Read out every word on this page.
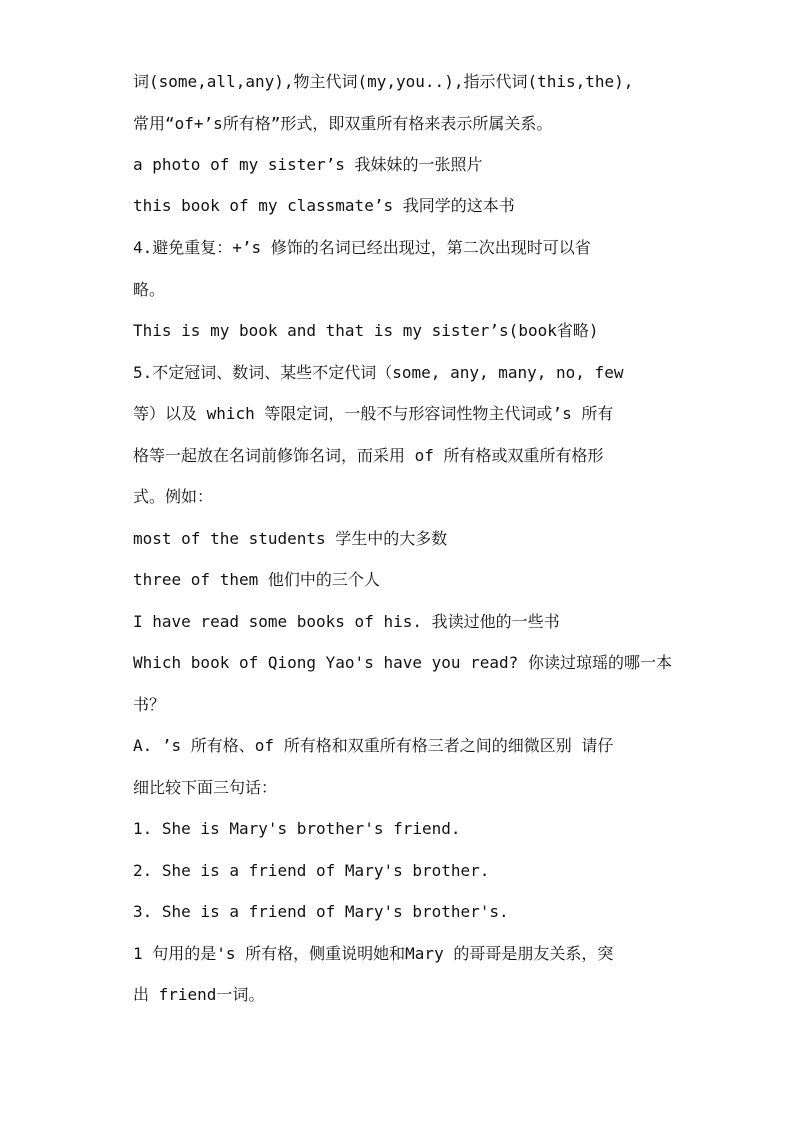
词(some,all,any),物主代词(my,you..),指示代词(this,the),
常用“of+’s所有格”形式，即双重所有格来表示所属关系。
a photo of my sister’s 我妹妹的一张照片
this book of my classmate’s 我同学的这本书
4.避免重复：+’s 修饰的名词已经出现过，第二次出现时可以省
略。
This is my book and that is my sister’s(book省略)
5.不定冠词、数词、某些不定代词（some, any, many, no, few
等）以及 which 等限定词，一般不与形容词性物主代词或’s 所有
格等一起放在名词前修饰名词，而采用 of 所有格或双重所有格形
式。例如：
most of the students 学生中的大多数
three of them 他们中的三个人
I have read some books of his. 我读过他的一些书
Which book of Qiong Yao's have you read? 你读过琼瑶的哪一本
书？
A. ’s 所有格、of 所有格和双重所有格三者之间的细微区别 请仔
细比较下面三句话：
1. She is Mary's brother's friend.
2. She is a friend of Mary's brother.
3. She is a friend of Mary's brother's.
1 句用的是's 所有格，侧重说明她和Mary 的哥哥是朋友关系，突
出 friend一词。
